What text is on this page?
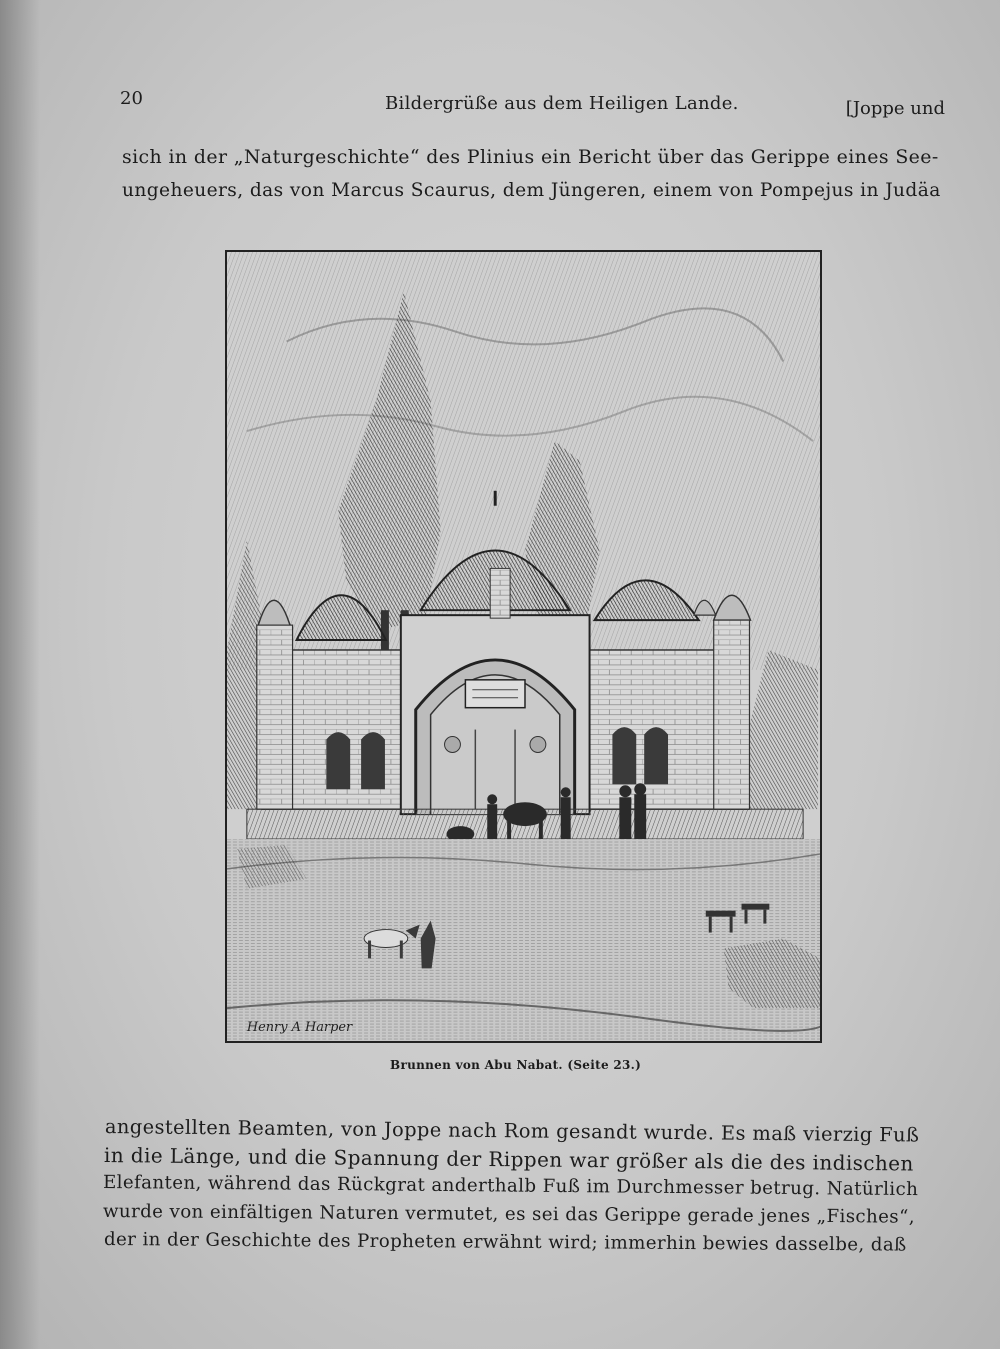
20	Bildergrüße aus dem Heiligen Lande.	[Joppe und
sich in der „Naturgeschichte“ des Plinius ein Bericht über das Gerippe eines See-
ungeheuers, das von Marcus Scaurus, dem Jüngeren, einem von Pompejus in Judäa
Henry A Harper
Brunnen von Abu Nabat. (Seite 23.)
angestellten Beamten, von Joppe nach Rom gesandt wurde. Es maß vierzig Fuß
in die Länge, und die Spannung der Rippen war größer als die des indischen
Elefanten, während das Rückgrat anderthalb Fuß im Durchmesser betrug. Natürlich
wurde von einfältigen Naturen vermutet, es sei das Gerippe gerade jenes „Fisches“,
der in der Geschichte des Propheten erwähnt wird; immerhin bewies dasselbe, daß
